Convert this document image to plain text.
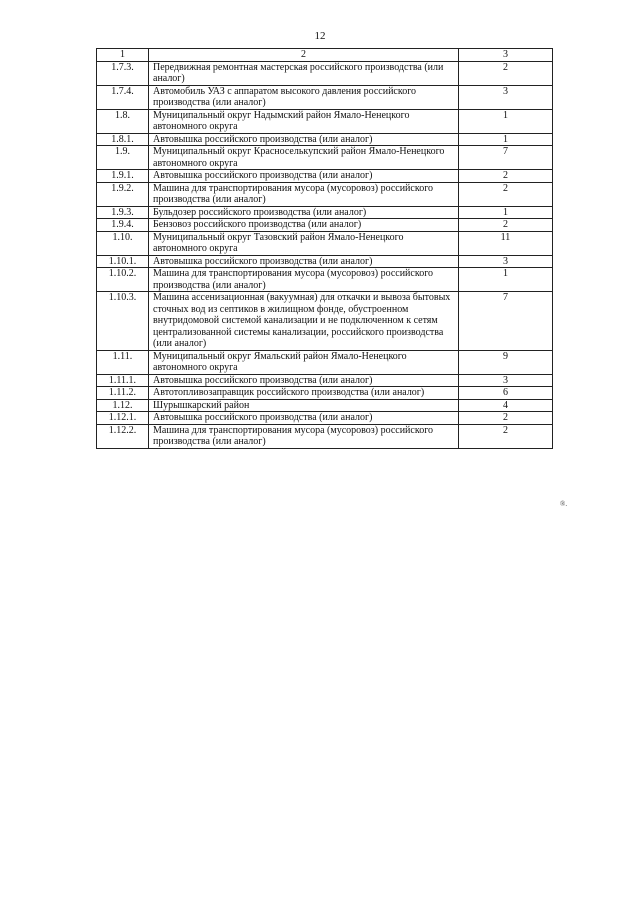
12
1	2	3
1.7.3.	Передвижная ремонтная мастерская российского производства (или аналог)	2
1.7.4.	Автомобиль УАЗ с аппаратом высокого давления российского производства (или аналог)	3
1.8.	Муниципальный округ Надымский район Ямало-Ненецкого автономного округа	1
1.8.1.	Автовышка российского производства (или аналог)	1
1.9.	Муниципальный округ Красноселькупский район Ямало-Ненецкого автономного округа	7
1.9.1.	Автовышка российского производства (или аналог)	2
1.9.2.	Машина для транспортирования мусора (мусоровоз) российского производства (или аналог)	2
1.9.3.	Бульдозер российского производства (или аналог)	1
1.9.4.	Бензовоз российского производства (или аналог)	2
1.10.	Муниципальный округ Тазовский район Ямало-Ненецкого автономного округа	11
1.10.1.	Автовышка российского производства (или аналог)	3
1.10.2.	Машина для транспортирования мусора (мусоровоз) российского производства (или аналог)	1
1.10.3.	Машина ассенизационная (вакуумная) для откачки и вывоза бытовых сточных вод из септиков в жилищном фонде, обустроенном внутридомовой системой канализации и не подключенном к сетям централизованной системы канализации, российского производства (или аналог)	7
1.11.	Муниципальный округ Ямальский район Ямало-Ненецкого автономного округа	9
1.11.1.	Автовышка российского производства (или аналог)	3
1.11.2.	Автотопливозаправщик российского производства (или аналог)	6
1.12.	Шурышкарский район	4
1.12.1.	Автовышка российского производства (или аналог)	2
1.12.2.	Машина для транспортирования мусора (мусоровоз) российского производства (или аналог)	2
®.
